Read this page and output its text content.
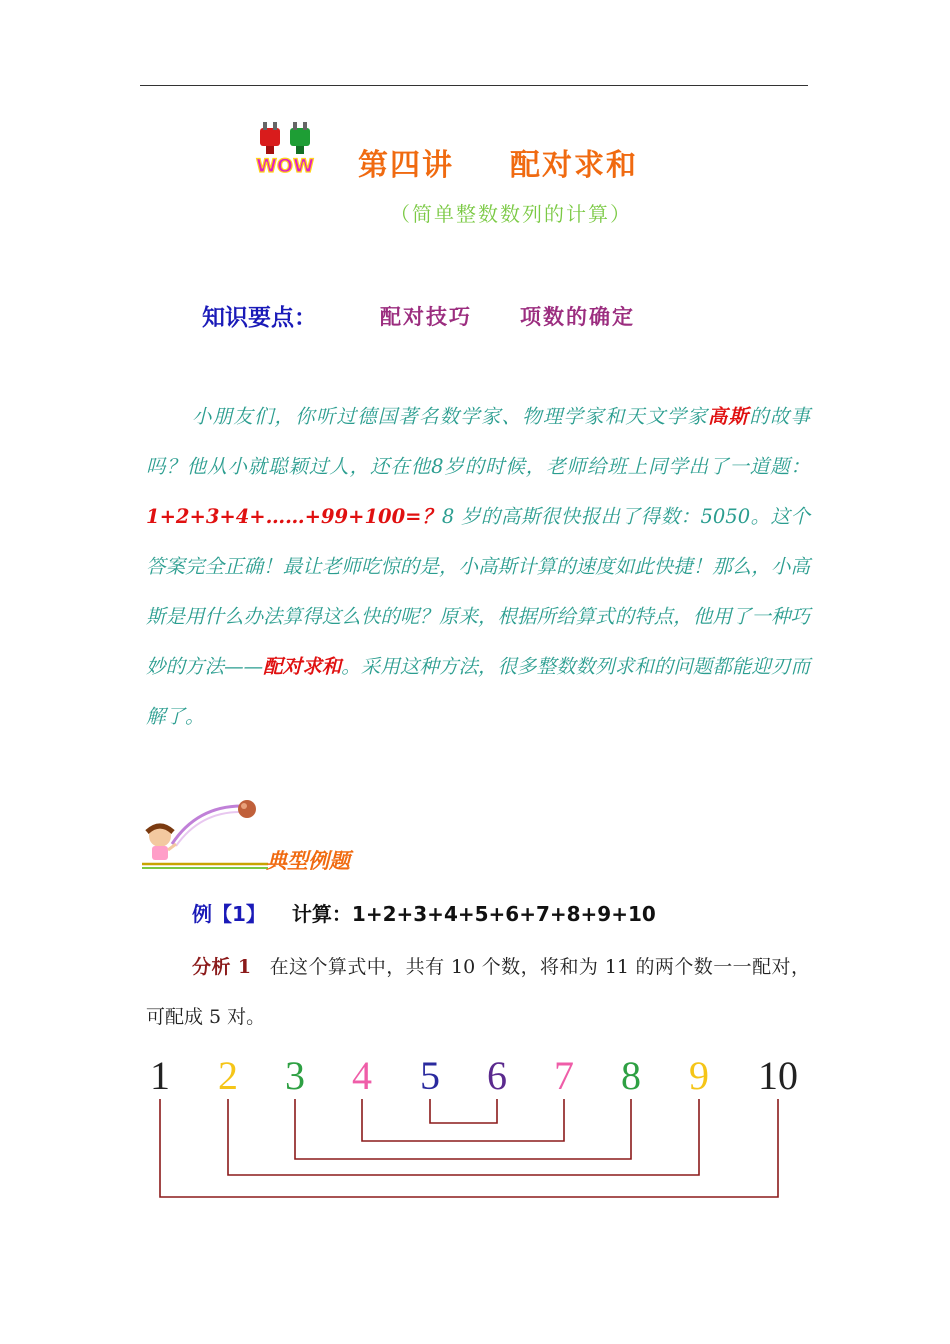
WOW 第四讲 配对求和
（简单整数数列的计算）
知识要点：	配对技巧 项数的确定
小朋友们，你听过德国著名数学家、物理学家和天文学家高斯的故事吗？他从小就聪颖过人，还在他8岁的时候，老师给班上同学出了一道题：1+2+3+4+……+99+100=？8 岁的高斯很快报出了得数：5050。这个答案完全正确！最让老师吃惊的是，小高斯计算的速度如此快捷！那么，小高斯是用什么办法算得这么快的呢？原来，根据所给算式的特点，他用了一种巧妙的方法——配对求和。采用这种方法，很多整数数列求和的问题都能迎刃而解了。
典型例题
例【1】 计算：1+2+3+4+5+6+7+8+9+10
分析 1 在这个算式中，共有 10 个数，将和为 11 的两个数一一配对，可配成 5 对。
1 2 3 4 5 6 7 8 9 10
